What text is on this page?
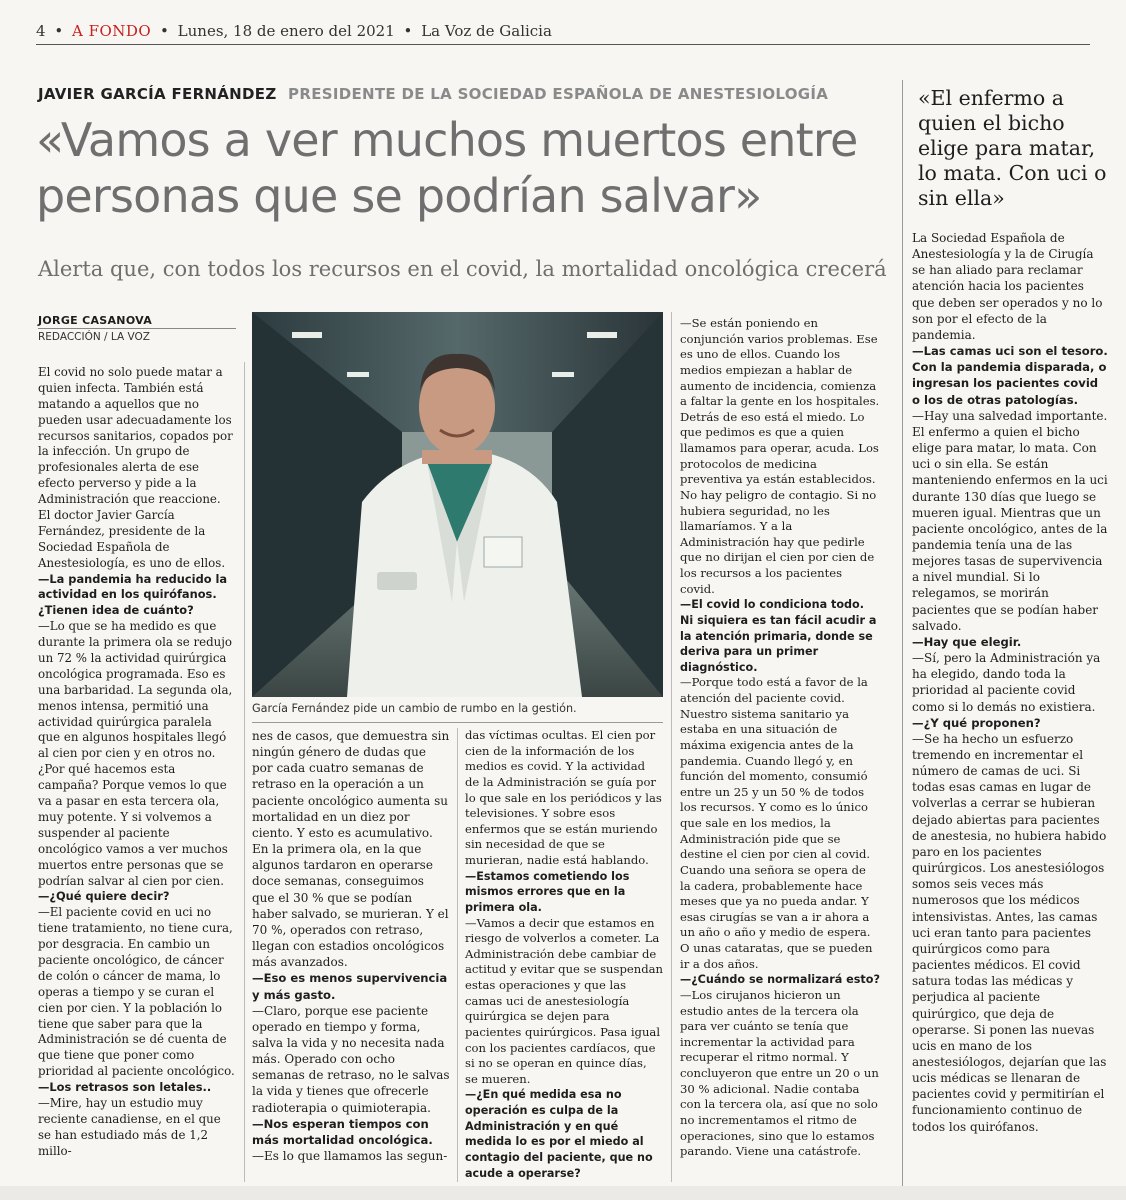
4 • A FONDO • Lunes, 18 de enero del 2021 • La Voz de Galicia
JAVIER GARCÍA FERNÁNDEZ PRESIDENTE DE LA SOCIEDAD ESPAÑOLA DE ANESTESIOLOGÍA
«Vamos a ver muchos muertos entre
personas que se podrían salvar»
Alerta que, con todos los recursos en el covid, la mortalidad oncológica crecerá
JORGE CASANOVA
REDACCIÓN / LA VOZ

El covid no solo puede matar a quien infecta. También está matando a aquellos que no pueden usar adecuadamente los recursos sanitarios, copados por la infección. Un grupo de profesionales alerta de ese efecto perverso y pide a la Administración que reaccione. El doctor Javier García Fernández, presidente de la Sociedad Española de Anestesiología, es uno de ellos.

—La pandemia ha reducido la actividad en los quirófanos. ¿Tienen idea de cuánto?

—Lo que se ha medido es que durante la primera ola se redujo un 72 % la actividad quirúrgica oncológica programada. Eso es una barbaridad. La segunda ola, menos intensa, permitió una actividad quirúrgica paralela que en algunos hospitales llegó al cien por cien y en otros no. ¿Por qué hacemos esta campaña? Porque vemos lo que va a pasar en esta tercera ola, muy potente. Y si volvemos a suspender al paciente oncológico vamos a ver muchos muertos entre personas que se podrían salvar al cien por cien.

—¿Qué quiere decir?

—El paciente covid en uci no tiene tratamiento, no tiene cura, por desgracia. En cambio un paciente oncológico, de cáncer de colón o cáncer de mama, lo operas a tiempo y se curan el cien por cien. Y la población lo tiene que saber para que la Administración se dé cuenta de que tiene que poner como prioridad al paciente oncológico.

—Los retrasos son letales..

—Mire, hay un estudio muy reciente canadiense, en el que se han estudiado más de 1,2 millo-

García Fernández pide un cambio de rumbo en la gestión.

nes de casos, que demuestra sin ningún género de dudas que por cada cuatro semanas de retraso en la operación a un paciente oncológico aumenta su mortalidad en un diez por ciento. Y esto es acumulativo. En la primera ola, en la que algunos tardaron en operarse doce semanas, conseguimos que el 30 % que se podían haber salvado, se murieran. Y el 70 %, operados con retraso, llegan con estadios oncológicos más avanzados.

—Eso es menos supervivencia y más gasto.

—Claro, porque ese paciente operado en tiempo y forma, salva la vida y no necesita nada más. Operado con ocho semanas de retraso, no le salvas la vida y tienes que ofrecerle radioterapia o quimioterapia.

—Nos esperan tiempos con más mortalidad oncológica.

—Es lo que llamamos las segun-

das víctimas ocultas. El cien por cien de la información de los medios es covid. Y la actividad de la Administración se guía por lo que sale en los periódicos y las televisiones. Y sobre esos enfermos que se están muriendo sin necesidad de que se murieran, nadie está hablando.

—Estamos cometiendo los mismos errores que en la primera ola.

—Vamos a decir que estamos en riesgo de volverlos a cometer. La Administración debe cambiar de actitud y evitar que se suspendan estas operaciones y que las camas uci de anestesiología quirúrgica se dejen para pacientes quirúrgicos. Pasa igual con los pacientes cardíacos, que si no se operan en quince días, se mueren.

—¿En qué medida esa no operación es culpa de la Administración y en qué medida lo es por el miedo al contagio del paciente, que no acude a operarse?

—Se están poniendo en conjunción varios problemas. Ese es uno de ellos. Cuando los medios empiezan a hablar de aumento de incidencia, comienza a faltar la gente en los hospitales. Detrás de eso está el miedo. Lo que pedimos es que a quien llamamos para operar, acuda. Los protocolos de medicina preventiva ya están establecidos. No hay peligro de contagio. Si no hubiera seguridad, no les llamaríamos. Y a la Administración hay que pedirle que no dirijan el cien por cien de los recursos a los pacientes covid.

—El covid lo condiciona todo. Ni siquiera es tan fácil acudir a la atención primaria, donde se deriva para un primer diagnóstico.

—Porque todo está a favor de la atención del paciente covid. Nuestro sistema sanitario ya estaba en una situación de máxima exigencia antes de la pandemia. Cuando llegó y, en función del momento, consumió entre un 25 y un 50 % de todos los recursos. Y como es lo único que sale en los medios, la Administración pide que se destine el cien por cien al covid. Cuando una señora se opera de la cadera, probablemente hace meses que ya no pueda andar. Y esas cirugías se van a ir ahora a un año o año y medio de espera. O unas cataratas, que se pueden ir a dos años.

—¿Cuándo se normalizará esto?

—Los cirujanos hicieron un estudio antes de la tercera ola para ver cuánto se tenía que incrementar la actividad para recuperar el ritmo normal. Y concluyeron que entre un 20 o un 30 % adicional. Nadie contaba con la tercera ola, así que no solo no incrementamos el ritmo de operaciones, sino que lo estamos parando. Viene una catástrofe.

«El enfermo a quien el bicho elige para matar, lo mata. Con uci o sin ella»

La Sociedad Española de Anestesiología y la de Cirugía se han aliado para reclamar atención hacia los pacientes que deben ser operados y no lo son por el efecto de la pandemia.

—Las camas uci son el tesoro. Con la pandemia disparada, o ingresan los pacientes covid o los de otras patologías.

—Hay una salvedad importante. El enfermo a quien el bicho elige para matar, lo mata. Con uci o sin ella. Se están manteniendo enfermos en la uci durante 130 días que luego se mueren igual. Mientras que un paciente oncológico, antes de la pandemia tenía una de las mejores tasas de supervivencia a nivel mundial. Si lo relegamos, se morirán pacientes que se podían haber salvado.

—Hay que elegir.

—Sí, pero la Administración ya ha elegido, dando toda la prioridad al paciente covid como si lo demás no existiera.

—¿Y qué proponen?

—Se ha hecho un esfuerzo tremendo en incrementar el número de camas de uci. Si todas esas camas en lugar de volverlas a cerrar se hubieran dejado abiertas para pacientes de anestesia, no hubiera habido paro en los pacientes quirúrgicos. Los anestesiólogos somos seis veces más numerosos que los médicos intensivistas. Antes, las camas uci eran tanto para pacientes quirúrgicos como para pacientes médicos. El covid satura todas las médicas y perjudica al paciente quirúrgico, que deja de operarse. Si ponen las nuevas ucis en mano de los anestesiólogos, dejarían que las ucis médicas se llenaran de pacientes covid y permitirían el funcionamiento continuo de todos los quirófanos.
